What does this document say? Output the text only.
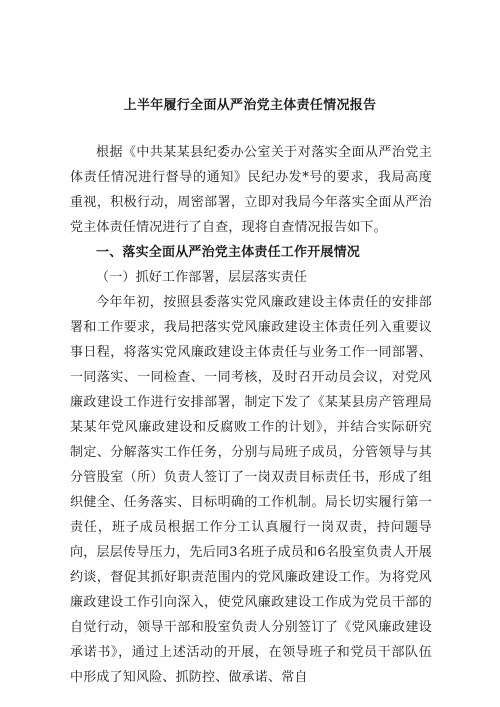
上半年履行全面从严治党主体责任情况报告

根据《中共某某县纪委办公室关于对落实全面从严治党主体责任情况进行督导的通知》民纪办发*号的要求，我局高度重视，积极行动，周密部署，立即对我局今年落实全面从严治党主体责任情况进行了自查，现将自查情况报告如下。

一、落实全面从严治党主体责任工作开展情况

（一）抓好工作部署，层层落实责任

今年年初，按照县委落实党风廉政建设主体责任的安排部署和工作要求，我局把落实党风廉政建设主体责任列入重要议事日程，将落实党风廉政建设主体责任与业务工作一同部署、一同落实、一同检查、一同考核，及时召开动员会议，对党风廉政建设工作进行安排部署，制定下发了《某某县房产管理局某某年党风廉政建设和反腐败工作的计划》，并结合实际研究制定、分解落实工作任务，分别与局班子成员，分管领导与其分管股室（所）负责人签订了一岗双责目标责任书，形成了组织健全、任务落实、目标明确的工作机制。局长切实履行第一责任，班子成员根据工作分工认真履行一岗双责，持问题导向，层层传导压力，先后同3名班子成员和6名股室负责人开展约谈，督促其抓好职责范围内的党风廉政建设工作。为将党风廉政建设工作引向深入，使党风廉政建设工作成为党员干部的自觉行动，领导干部和股室负责人分别签订了《党风廉政建设承诺书》，通过上述活动的开展，在领导班子和党员干部队伍中形成了知风险、抓防控、做承诺、常自
